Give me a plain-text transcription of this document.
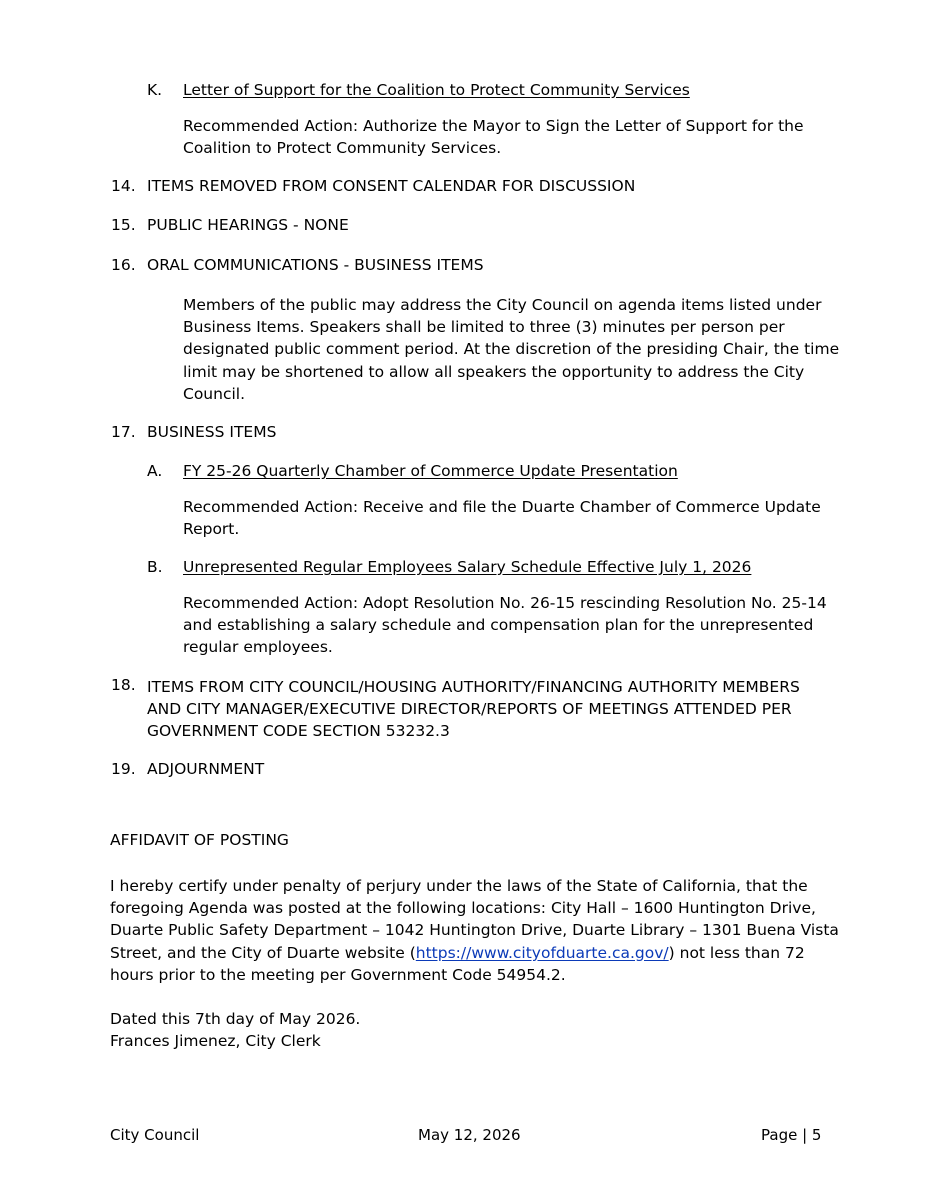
K. Letter of Support for the Coalition to Protect Community Services
Recommended Action: Authorize the Mayor to Sign the Letter of Support for the
Coalition to Protect Community Services.
14. ITEMS REMOVED FROM CONSENT CALENDAR FOR DISCUSSION
15. PUBLIC HEARINGS - NONE
16. ORAL COMMUNICATIONS - BUSINESS ITEMS
Members of the public may address the City Council on agenda items listed under
Business Items. Speakers shall be limited to three (3) minutes per person per
designated public comment period. At the discretion of the presiding Chair, the time
limit may be shortened to allow all speakers the opportunity to address the City
Council.
17. BUSINESS ITEMS
A. FY 25-26 Quarterly Chamber of Commerce Update Presentation
Recommended Action: Receive and file the Duarte Chamber of Commerce Update
Report.
B. Unrepresented Regular Employees Salary Schedule Effective July 1, 2026
Recommended Action: Adopt Resolution No. 26-15 rescinding Resolution No. 25-14
and establishing a salary schedule and compensation plan for the unrepresented
regular employees.
18. ITEMS FROM CITY COUNCIL/HOUSING AUTHORITY/FINANCING AUTHORITY MEMBERS
AND CITY MANAGER/EXECUTIVE DIRECTOR/REPORTS OF MEETINGS ATTENDED PER
GOVERNMENT CODE SECTION 53232.3
19. ADJOURNMENT
AFFIDAVIT OF POSTING
I hereby certify under penalty of perjury under the laws of the State of California, that the
foregoing Agenda was posted at the following locations: City Hall – 1600 Huntington Drive,
Duarte Public Safety Department – 1042 Huntington Drive, Duarte Library – 1301 Buena Vista
Street, and the City of Duarte website (https://www.cityofduarte.ca.gov/) not less than 72
hours prior to the meeting per Government Code 54954.2.
Dated this 7th day of May 2026.
Frances Jimenez, City Clerk
City Council	May 12, 2026	Page | 5
